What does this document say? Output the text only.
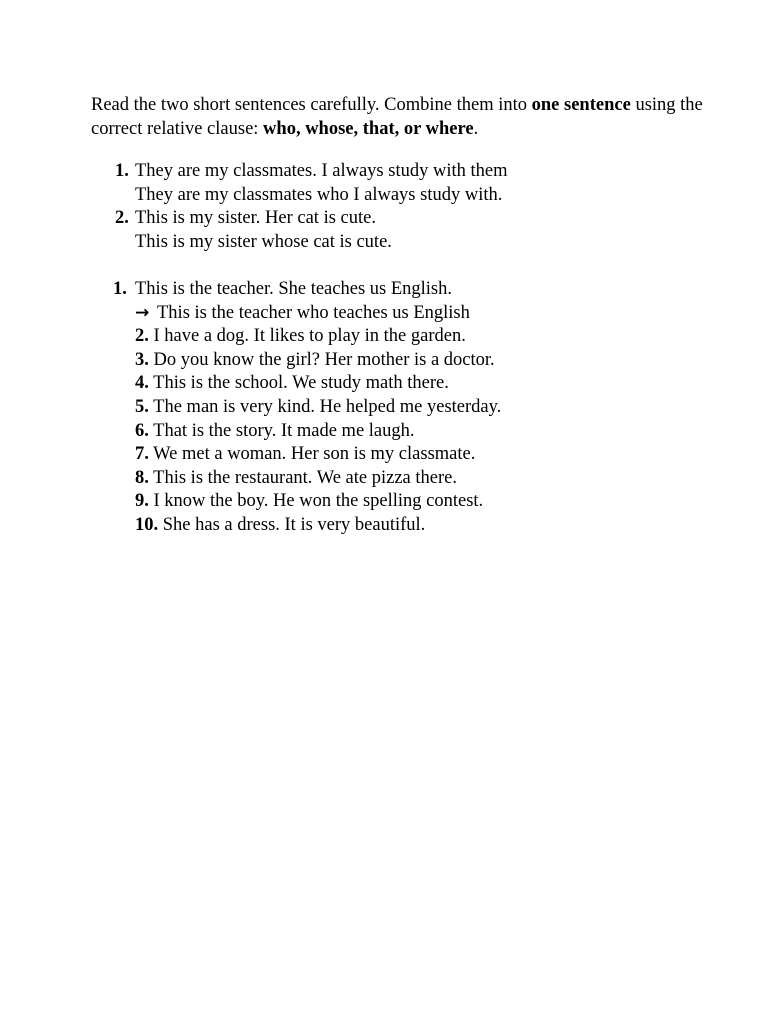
Read the two short sentences carefully. Combine them into one sentence using the correct relative clause: who, whose, that, or where.

1. They are my classmates. I always study with them
They are my classmates who I always study with.
2. This is my sister. Her cat is cute.
This is my sister whose cat is cute.
1. This is the teacher. She teaches us English.
→ This is the teacher who teaches us English
2. I have a dog. It likes to play in the garden.
3. Do you know the girl? Her mother is a doctor.
4. This is the school. We study math there.
5. The man is very kind. He helped me yesterday.
6. That is the story. It made me laugh.
7. We met a woman. Her son is my classmate.
8. This is the restaurant. We ate pizza there.
9. I know the boy. He won the spelling contest.
10. She has a dress. It is very beautiful.
